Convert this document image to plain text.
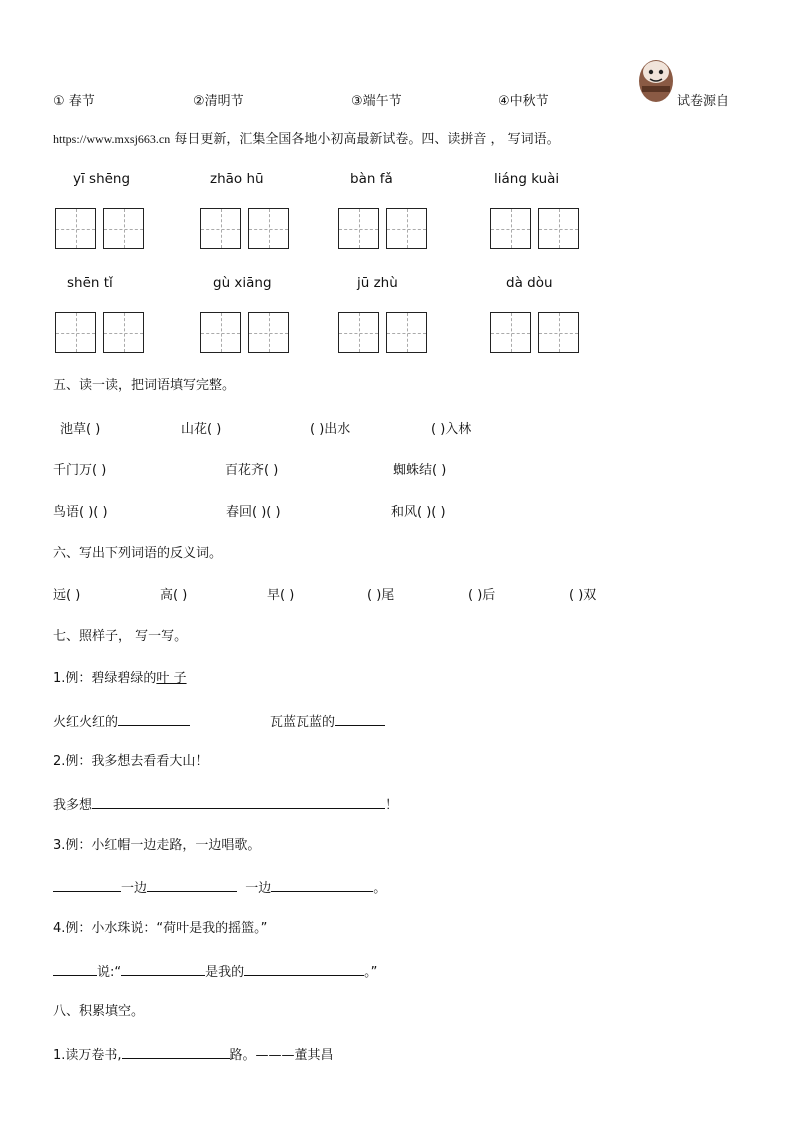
① 春节	②清明节	③端午节	④中秋节	试卷源自
https://www.mxsj663.cn 每日更新，汇集全国各地小初高最新试卷。四、读拼音 ， 写词语。
yī shēng	zhāo hū	bàn fǎ	liáng kuài
shēn tǐ	gù xiāng	jū zhù	dà dòu
五、读一读，把词语填写完整。
池草( )	山花( )	( )出水	( )入林
千门万( )	百花齐( )	蜘蛛结( )
鸟语( )( )	春回( )( )	和风( )( )
六、写出下列词语的反义词。
远( )	高( )	早( )	( )尾	( )后	( )双
七、照样子， 写一写。
1.例：碧绿碧绿的叶 子
火红火红的	瓦蓝瓦蓝的
2.例：我多想去看看大山！
我多想	！
3.例：小红帽一边走路，一边唱歌。
一边	一边	。
4.例：小水珠说：“荷叶是我的摇篮。”
说:“	是我的	。”
八、积累填空。
1.读万卷书,	路。———董其昌
